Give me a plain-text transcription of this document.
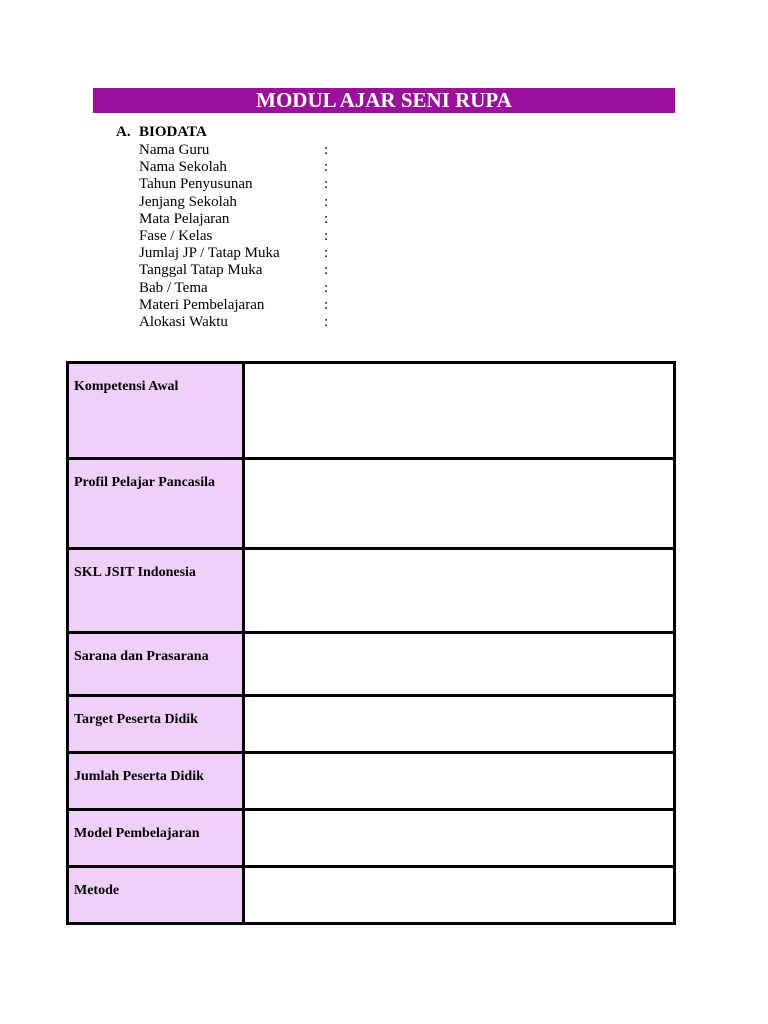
MODUL AJAR SENI RUPA
A. BIODATA
Nama Guru	:
Nama Sekolah	:
Tahun Penyusunan	:
Jenjang Sekolah	:
Mata Pelajaran	:
Fase / Kelas	:
Jumlaj JP / Tatap Muka	:
Tanggal Tatap Muka	:
Bab / Tema	:
Materi Pembelajaran	:
Alokasi Waktu	:
Kompetensi Awal	
Profil Pelajar Pancasila	
SKL JSIT Indonesia	
Sarana dan Prasarana	
Target Peserta Didik	
Jumlah Peserta Didik	
Model Pembelajaran	
Metode	
